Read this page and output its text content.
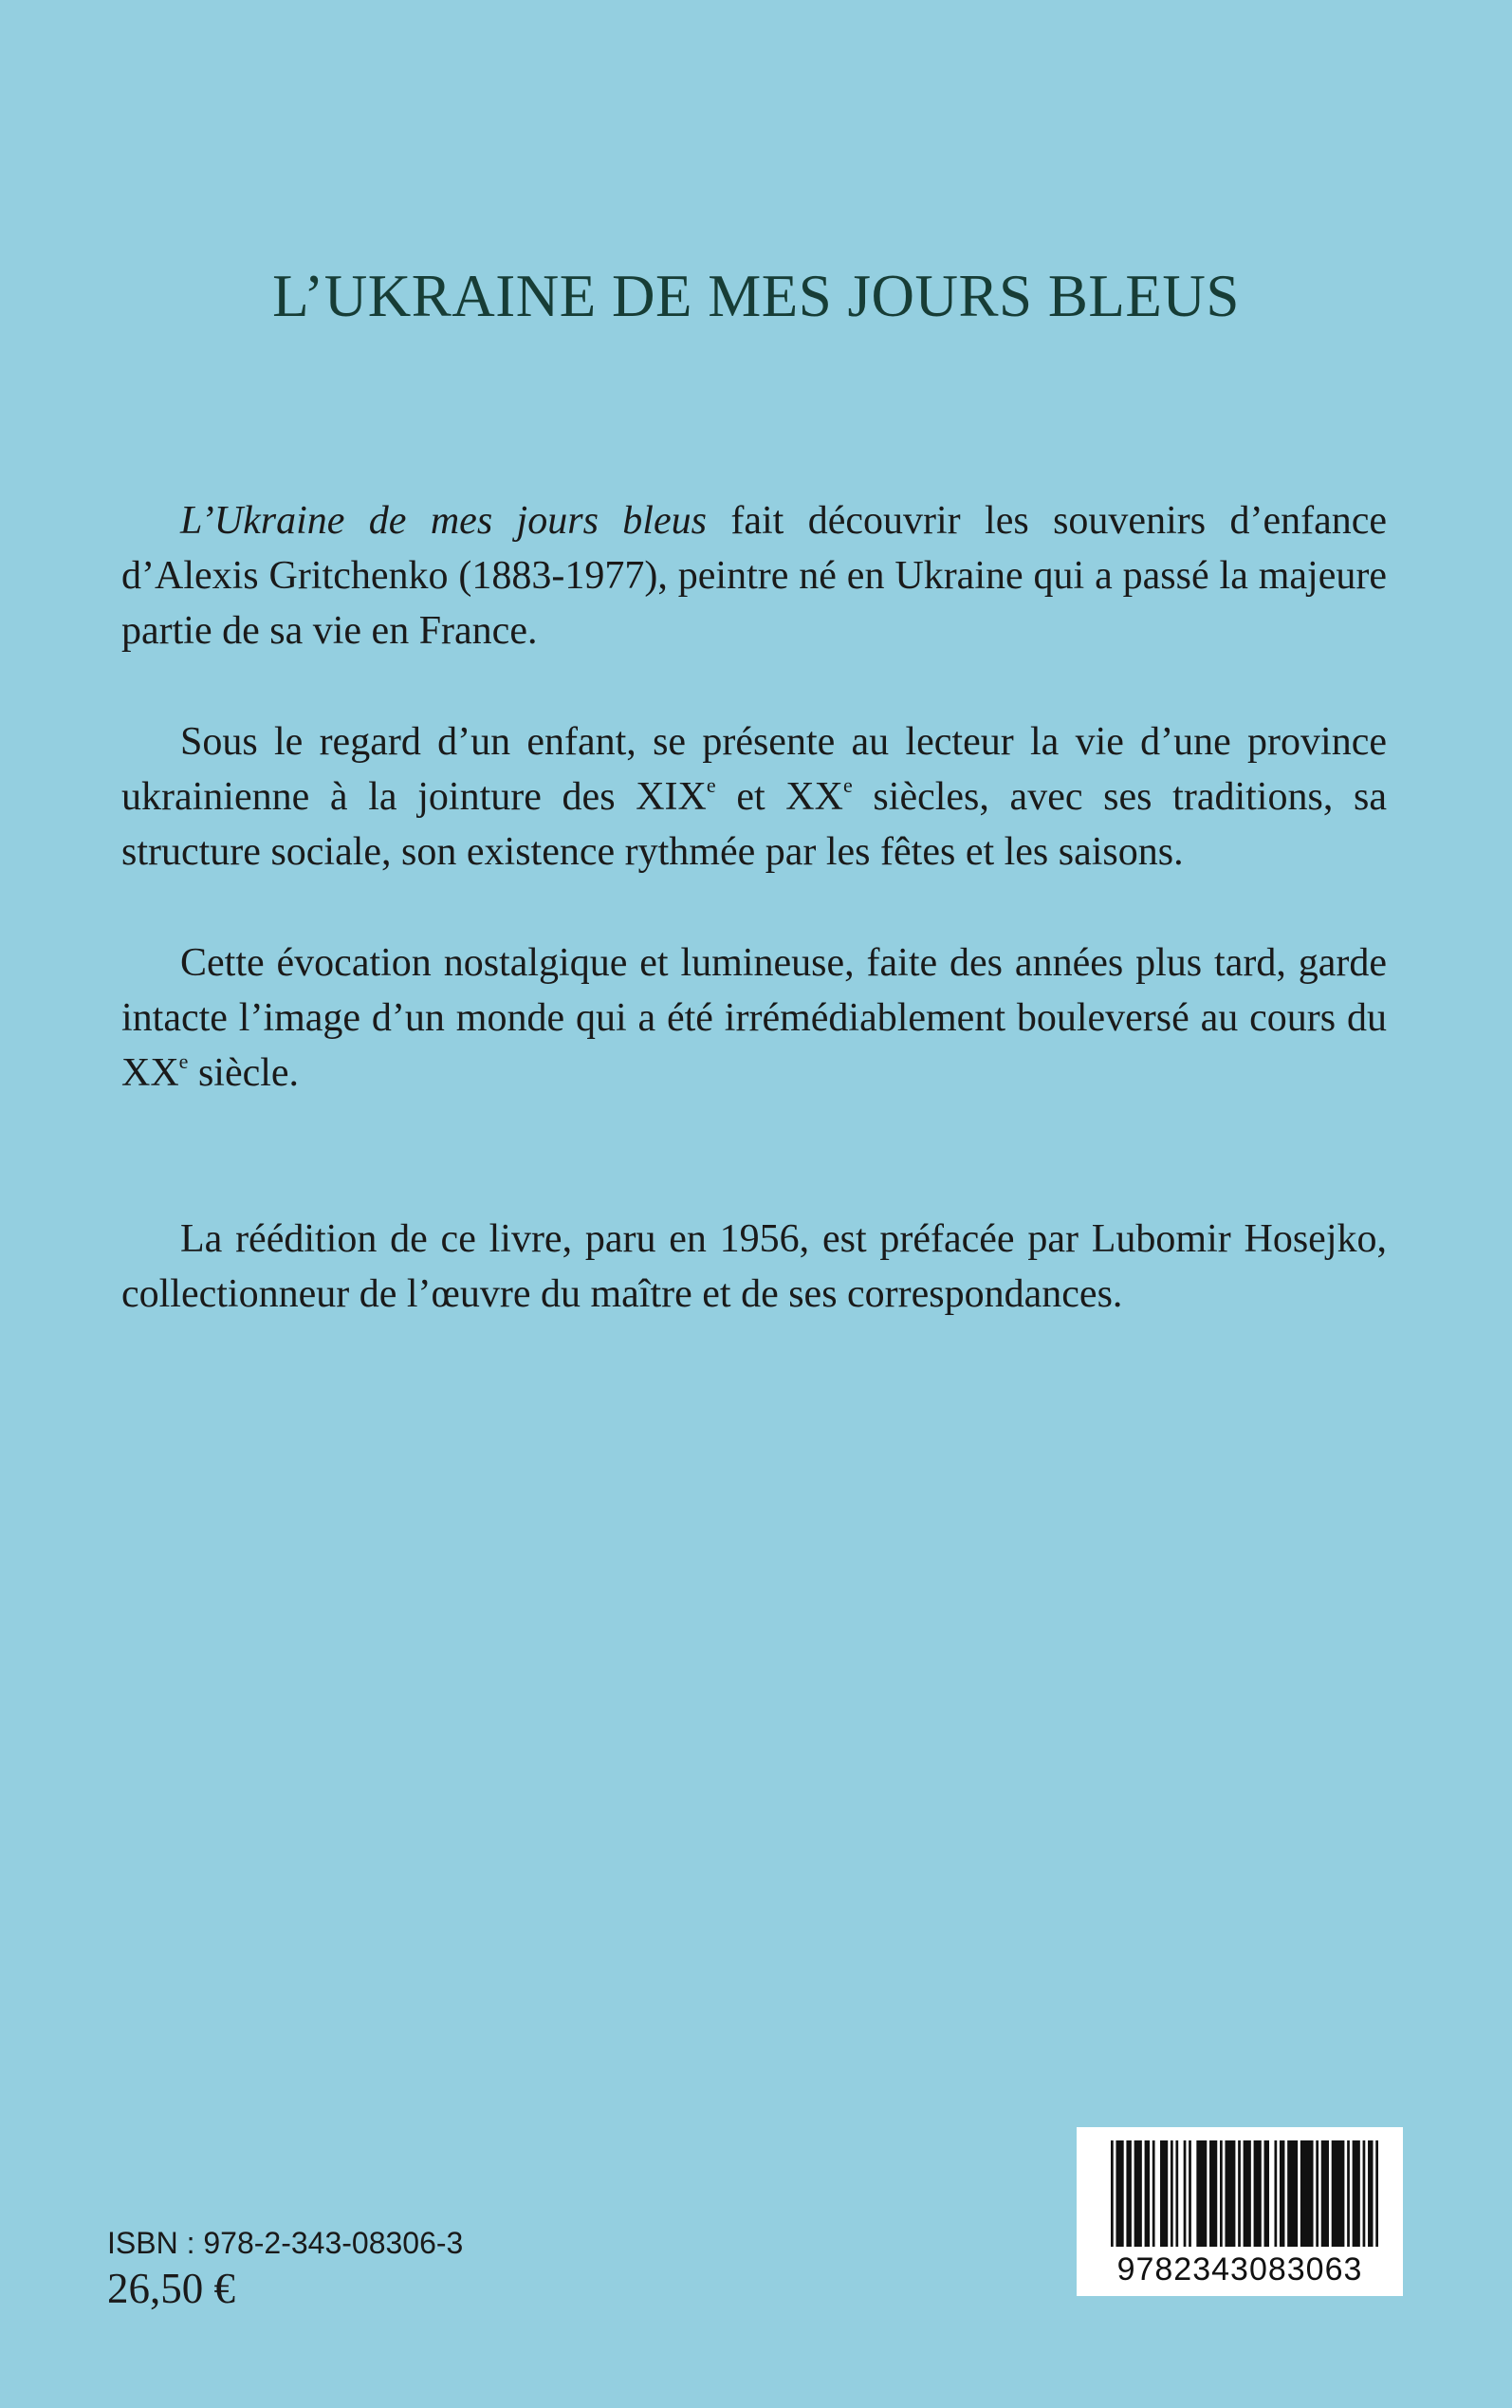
L’UKRAINE DE MES JOURS BLEUS

L’Ukraine de mes jours bleus fait découvrir les souvenirs d’enfance d’Alexis Gritchenko (1883-1977), peintre né en Ukraine qui a passé la majeure partie de sa vie en France.

Sous le regard d’un enfant, se présente au lecteur la vie d’une province ukrainienne à la jointure des XIXe et XXe siècles, avec ses traditions, sa structure sociale, son existence rythmée par les fêtes et les saisons.

Cette évocation nostalgique et lumineuse, faite des années plus tard, garde intacte l’image d’un monde qui a été irrémédiablement bouleversé au cours du XXe siècle.

La réédition de ce livre, paru en 1956, est préfacée par Lubomir Hosejko, collectionneur de l’œuvre du maître et de ses correspondances.

ISBN : 978-2-343-08306-3
26,50 €	9782343083063
